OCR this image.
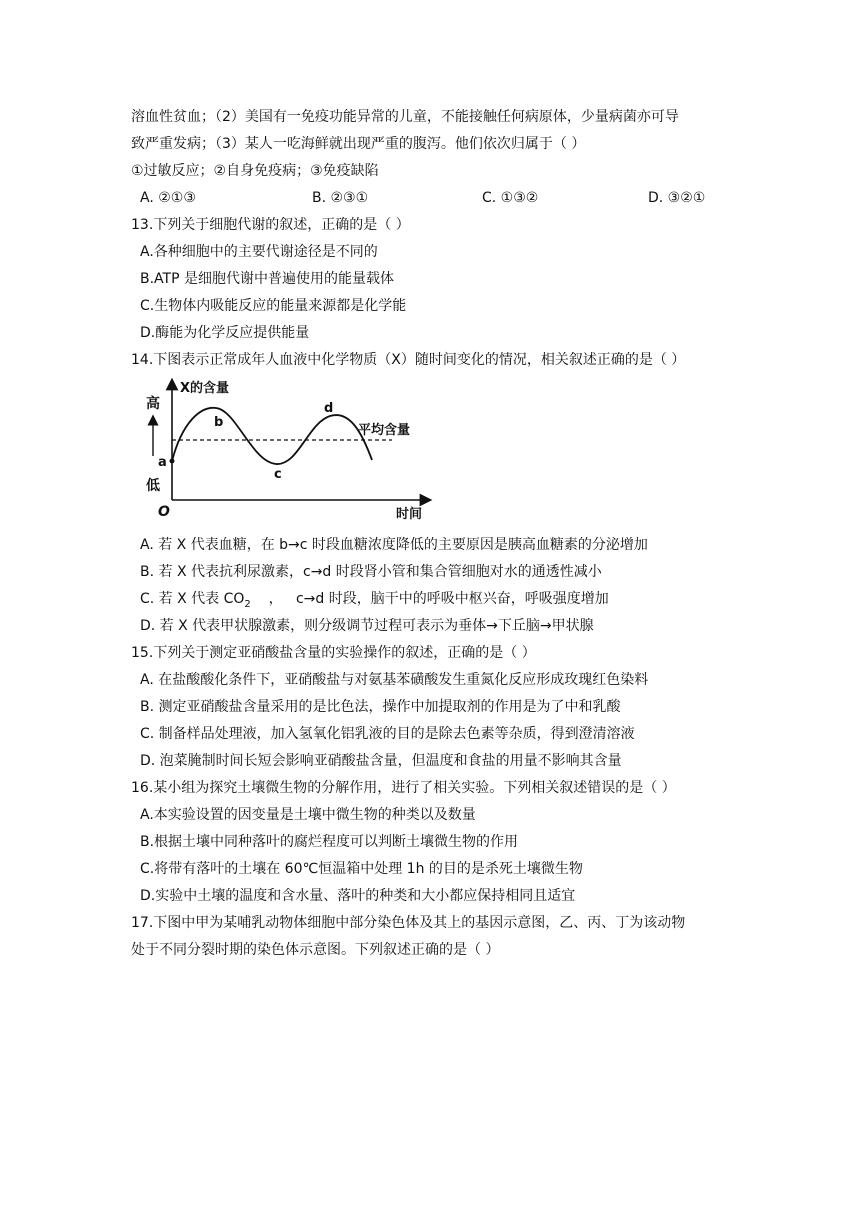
溶血性贫血；（2）美国有一免疫功能异常的儿童，不能接触任何病原体，少量病菌亦可导
致严重发病；（3）某人一吃海鲜就出现严重的腹泻。他们依次归属于（ ）
①过敏反应；②自身免疫病；③免疫缺陷
A. ②①③	B. ②③①	C. ①③②	D. ③②①
13.下列关于细胞代谢的叙述，正确的是（ ）
A.各种细胞中的主要代谢途径是不同的
B.ATP 是细胞代谢中普遍使用的能量载体
C.生物体内吸能反应的能量来源都是化学能
D.酶能为化学反应提供能量
14.下图表示正常成年人血液中化学物质（X）随时间变化的情况，相关叙述正确的是（ ）
高
低
X的含量
O	时间
平均含量
a
b
c
d
A. 若 X 代表血糖，在 b→c 时段血糖浓度降低的主要原因是胰高血糖素的分泌增加
B. 若 X 代表抗利尿激素，c→d 时段肾小管和集合管细胞对水的通透性减小
C. 若 X 代表 $CO_2$    ，   c→d 时段，脑干中的呼吸中枢兴奋，呼吸强度增加
D. 若 X 代表甲状腺激素，则分级调节过程可表示为垂体→下丘脑→甲状腺
15.下列关于测定亚硝酸盐含量的实验操作的叙述，正确的是（ ）
A. 在盐酸酸化条件下，亚硝酸盐与对氨基苯磺酸发生重氮化反应形成玫瑰红色染料
B. 测定亚硝酸盐含量采用的是比色法，操作中加提取剂的作用是为了中和乳酸
C. 制备样品处理液，加入氢氧化铝乳液的目的是除去色素等杂质，得到澄清溶液
D. 泡菜腌制时间长短会影响亚硝酸盐含量，但温度和食盐的用量不影响其含量
16.某小组为探究土壤微生物的分解作用，进行了相关实验。下列相关叙述错误的是（ ）
A.本实验设置的因变量是土壤中微生物的种类以及数量
B.根据土壤中同种落叶的腐烂程度可以判断土壤微生物的作用
C.将带有落叶的土壤在 60℃恒温箱中处理 1h 的目的是杀死土壤微生物
D.实验中土壤的温度和含水量、落叶的种类和大小都应保持相同且适宜
17.下图中甲为某哺乳动物体细胞中部分染色体及其上的基因示意图，乙、丙、丁为该动物
处于不同分裂时期的染色体示意图。下列叙述正确的是（ ）
